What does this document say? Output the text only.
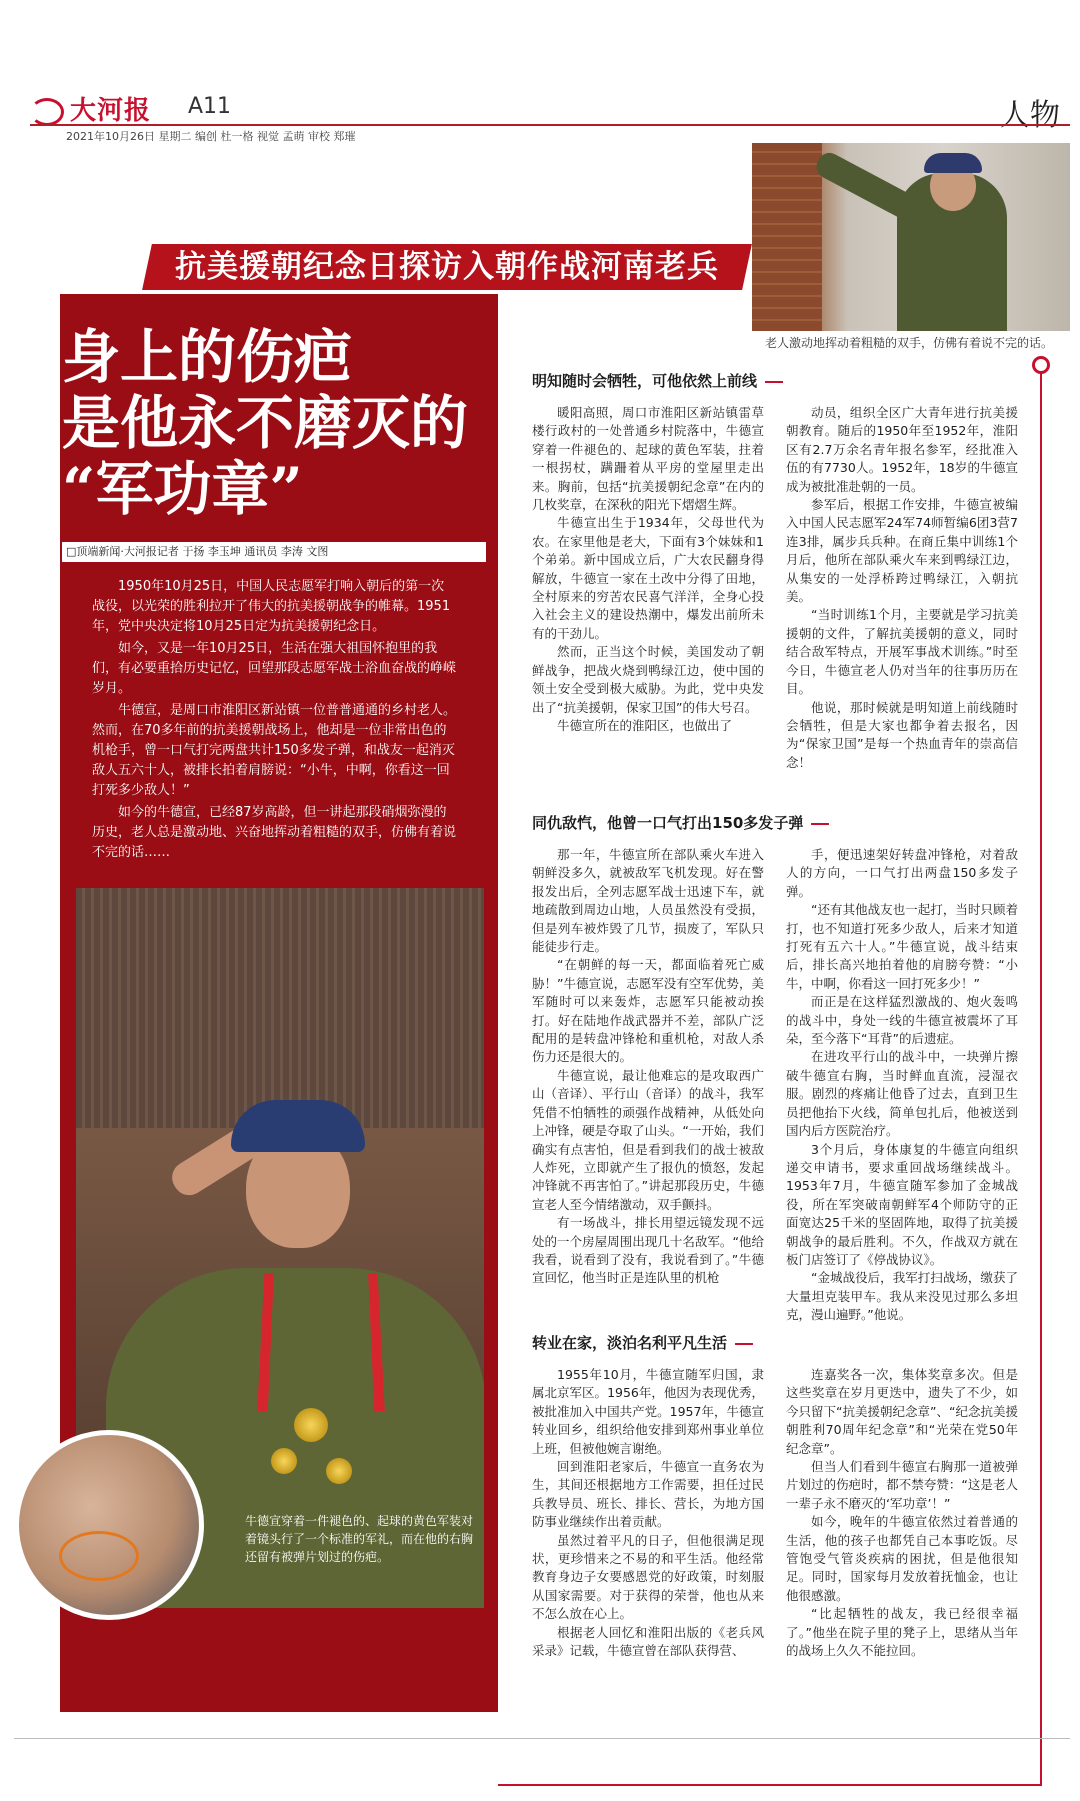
大河报 A11	人物
2021年10月26日 星期二 编创 杜一格 视觉 孟萌 审校 郑璀
老人激动地挥动着粗糙的双手，仿佛有着说不完的话。
抗美援朝纪念日探访入朝作战河南老兵
身上的伤疤
是他永不磨灭的
“军功章”
□顶端新闻·大河报记者 于扬 李玉坤 通讯员 李涛 文图

1950年10月25日，中国人民志愿军打响入朝后的第一次战役，以光荣的胜利拉开了伟大的抗美援朝战争的帷幕。1951年，党中央决定将10月25日定为抗美援朝纪念日。

如今，又是一年10月25日，生活在强大祖国怀抱里的我们，有必要重拾历史记忆，回望那段志愿军战士浴血奋战的峥嵘岁月。

牛德宣，是周口市淮阳区新站镇一位普普通通的乡村老人。然而，在70多年前的抗美援朝战场上，他却是一位非常出色的机枪手，曾一口气打完两盘共计150多发子弹，和战友一起消灭敌人五六十人，被排长拍着肩膀说：“小牛，中啊，你看这一回打死多少敌人！”

如今的牛德宣，已经87岁高龄，但一讲起那段硝烟弥漫的历史，老人总是激动地、兴奋地挥动着粗糙的双手，仿佛有着说不完的话……

牛德宣穿着一件褪色的、起球的黄色军装对着镜头行了一个标准的军礼，而在他的右胸还留有被弹片划过的伤疤。
明知随时会牺牲，可他依然上前线

暖阳高照，周口市淮阳区新站镇雷草楼行政村的一处普通乡村院落中，牛德宣穿着一件褪色的、起球的黄色军装，拄着一根拐杖，蹒跚着从平房的堂屋里走出来。胸前，包括“抗美援朝纪念章”在内的几枚奖章，在深秋的阳光下熠熠生辉。

牛德宣出生于1934年，父母世代为农。在家里他是老大，下面有3个妹妹和1个弟弟。新中国成立后，广大农民翻身得解放，牛德宣一家在土改中分得了田地，全村原来的穷苦农民喜气洋洋，全身心投入社会主义的建设热潮中，爆发出前所未有的干劲儿。

然而，正当这个时候，美国发动了朝鲜战争，把战火烧到鸭绿江边，使中国的领土安全受到极大威胁。为此，党中央发出了“抗美援朝，保家卫国”的伟大号召。

牛德宣所在的淮阳区，也做出了

动员，组织全区广大青年进行抗美援朝教育。随后的1950年至1952年，淮阳区有2.7万余名青年报名参军，经批准入伍的有7730人。1952年，18岁的牛德宣成为被批准赴朝的一员。

参军后，根据工作安排，牛德宣被编入中国人民志愿军24军74师暂编6团3营7连3排，属步兵兵种。在商丘集中训练1个月后，他所在部队乘火车来到鸭绿江边，从集安的一处浮桥跨过鸭绿江，入朝抗美。

“当时训练1个月，主要就是学习抗美援朝的文件，了解抗美援朝的意义，同时结合敌军特点，开展军事战术训练。”时至今日，牛德宣老人仍对当年的往事历历在目。

他说，那时候就是明知道上前线随时会牺牲，但是大家也都争着去报名，因为“保家卫国”是每一个热血青年的崇高信念！

同仇敌忾，他曾一口气打出150多发子弹

那一年，牛德宣所在部队乘火车进入朝鲜没多久，就被敌军飞机发现。好在警报发出后，全列志愿军战士迅速下车，就地疏散到周边山地，人员虽然没有受损，但是列车被炸毁了几节，损废了，军队只能徒步行走。

“在朝鲜的每一天，都面临着死亡威胁！”牛德宣说，志愿军没有空军优势，美军随时可以来轰炸，志愿军只能被动挨打。好在陆地作战武器并不差，部队广泛配用的是转盘冲锋枪和重机枪，对敌人杀伤力还是很大的。

牛德宣说，最让他难忘的是攻取西广山（音译）、平行山（音译）的战斗，我军凭借不怕牺牲的顽强作战精神，从低处向上冲锋，硬是夺取了山头。“一开始，我们确实有点害怕，但是看到我们的战士被敌人炸死，立即就产生了报仇的愤怒，发起冲锋就不再害怕了。”讲起那段历史，牛德宣老人至今情绪激动，双手颤抖。

有一场战斗，排长用望远镜发现不远处的一个房屋周围出现几十名敌军。“他给我看，说看到了没有，我说看到了。”牛德宣回忆，他当时正是连队里的机枪

手，便迅速架好转盘冲锋枪，对着敌人的方向，一口气打出两盘150多发子弹。

“还有其他战友也一起打，当时只顾着打，也不知道打死多少敌人，后来才知道打死有五六十人。”牛德宣说，战斗结束后，排长高兴地拍着他的肩膀夸赞：“小牛，中啊，你看这一回打死多少！”

而正是在这样猛烈激战的、炮火轰鸣的战斗中，身处一线的牛德宣被震坏了耳朵，至今落下“耳背”的后遗症。

在进攻平行山的战斗中，一块弹片擦破牛德宣右胸，当时鲜血直流，浸湿衣服。剧烈的疼痛让他昏了过去，直到卫生员把他抬下火线，简单包扎后，他被送到国内后方医院治疗。

3个月后，身体康复的牛德宣向组织递交申请书，要求重回战场继续战斗。1953年7月，牛德宣随军参加了金城战役，所在军突破南朝鲜军4个师防守的正面宽达25千米的坚固阵地，取得了抗美援朝战争的最后胜利。不久，作战双方就在板门店签订了《停战协议》。

“金城战役后，我军打扫战场，缴获了大量坦克装甲车。我从来没见过那么多坦克，漫山遍野。”他说。

转业在家，淡泊名利平凡生活

1955年10月，牛德宣随军归国，隶属北京军区。1956年，他因为表现优秀，被批准加入中国共产党。1957年，牛德宣转业回乡，组织给他安排到郑州事业单位上班，但被他婉言谢绝。

回到淮阳老家后，牛德宣一直务农为生，其间还根据地方工作需要，担任过民兵教导员、班长、排长、营长，为地方国防事业继续作出着贡献。

虽然过着平凡的日子，但他很满足现状，更珍惜来之不易的和平生活。他经常教育身边子女要感恩党的好政策，时刻服从国家需要。对于获得的荣誉，他也从来不怎么放在心上。

根据老人回忆和淮阳出版的《老兵风采录》记载，牛德宣曾在部队获得营、

连嘉奖各一次，集体奖章多次。但是这些奖章在岁月更迭中，遗失了不少，如今只留下“抗美援朝纪念章”、“纪念抗美援朝胜利70周年纪念章”和“光荣在党50年纪念章”。

但当人们看到牛德宣右胸那一道被弹片划过的伤疤时，都不禁夸赞：“这是老人一辈子永不磨灭的‘军功章’！”

如今，晚年的牛德宣依然过着普通的生活，他的孩子也都凭自己本事吃饭。尽管饱受气管炎疾病的困扰，但是他很知足。同时，国家每月发放着抚恤金，也让他很感激。

“比起牺牲的战友，我已经很幸福了。”他坐在院子里的凳子上，思绪从当年的战场上久久不能拉回。
